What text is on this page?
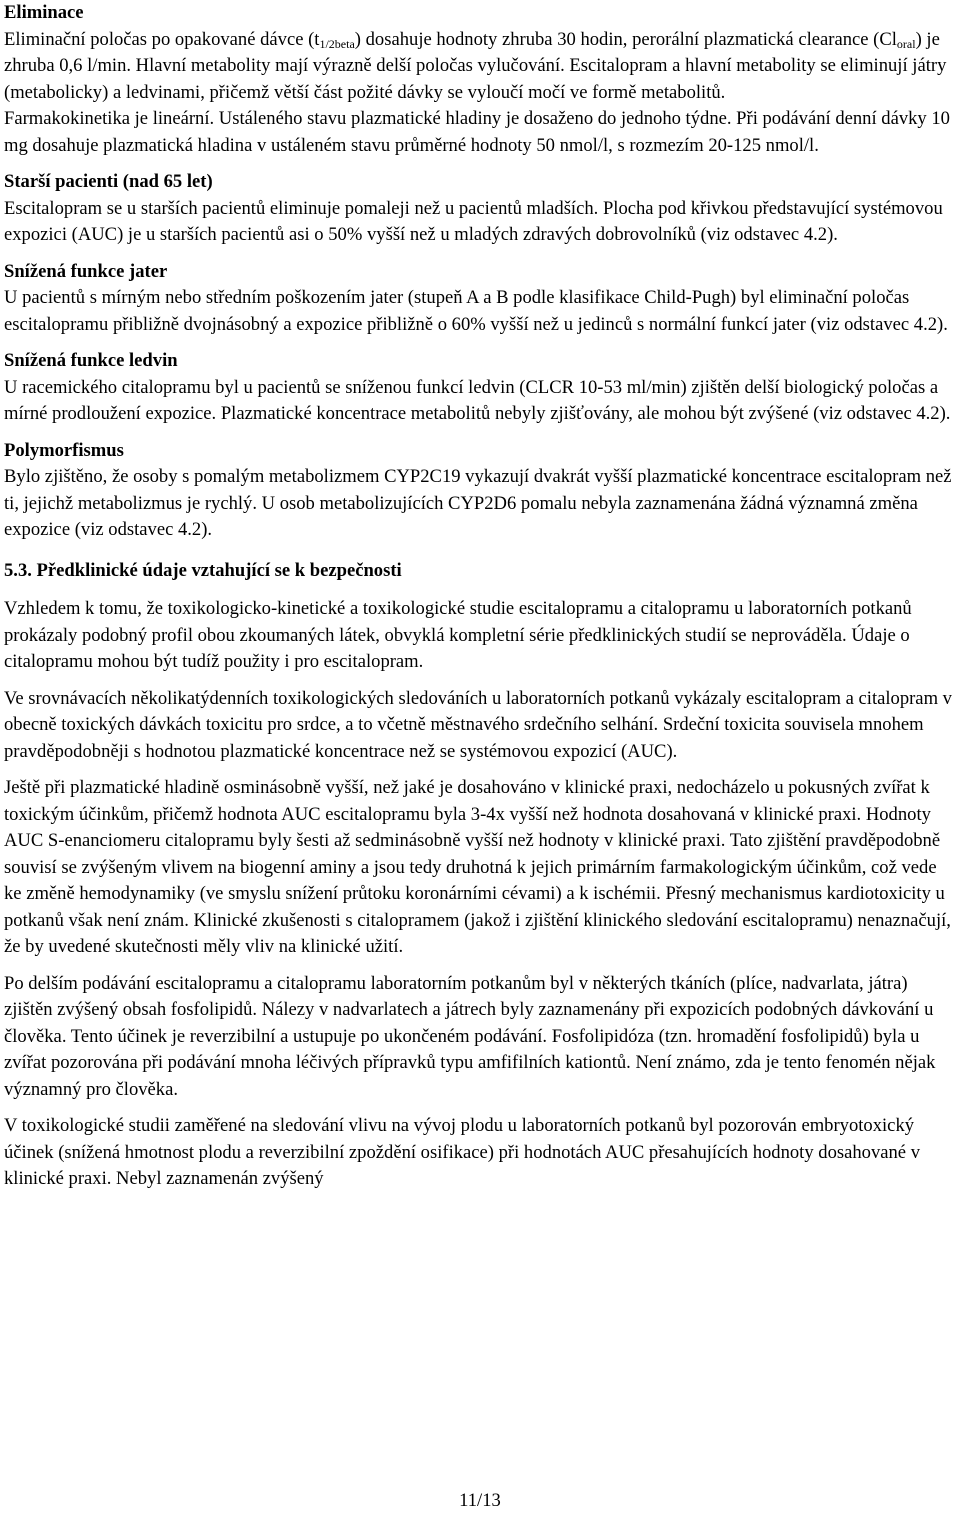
Eliminace
Eliminační poločas po opakované dávce $(t_{1/2beta})$ dosahuje hodnoty zhruba 30 hodin, perorální plazmatická clearance $(Cl_{oral})$ je zhruba 0,6 l/min. Hlavní metabolity mají výrazně delší poločas vylučování. Escitalopram a hlavní metabolity se eliminují játry (metabolicky) a ledvinami, přičemž větší část požité dávky se vyloučí močí ve formě metabolitů.

Farmakokinetika je lineární. Ustáleného stavu plazmatické hladiny je dosaženo do jednoho týdne. Při podávání denní dávky 10 mg dosahuje plazmatická hladina v ustáleném stavu průměrné hodnoty 50 nmol/l, s rozmezím 20-125 nmol/l.

Starší pacienti (nad 65 let)
Escitalopram se u starších pacientů eliminuje pomaleji než u pacientů mladších. Plocha pod křivkou představující systémovou expozici (AUC) je u starších pacientů asi o 50% vyšší než u mladých zdravých dobrovolníků (viz odstavec 4.2).
Snížená funkce jater
U pacientů s mírným nebo středním poškozením jater (stupeň A a B podle klasifikace Child-Pugh) byl eliminační poločas escitalopramu přibližně dvojnásobný a expozice přibližně o 60% vyšší než u jedinců s normální funkcí jater (viz odstavec 4.2).
Snížená funkce ledvin
U racemického citalopramu byl u pacientů se sníženou funkcí ledvin (CLCR 10-53 ml/min) zjištěn delší biologický poločas a mírné prodloužení expozice. Plazmatické koncentrace metabolitů nebyly zjišťovány, ale mohou být zvýšené (viz odstavec 4.2).
Polymorfismus
Bylo zjištěno, že osoby s pomalým metabolizmem CYP2C19 vykazují dvakrát vyšší plazmatické koncentrace escitalopram než ti, jejichž metabolizmus je rychlý. U osob metabolizujících CYP2D6 pomalu nebyla zaznamenána žádná významná změna expozice (viz odstavec 4.2).
5.3. Předklinické údaje vztahující se k bezpečnosti

Vzhledem k tomu, že toxikologicko-kinetické a toxikologické studie escitalopramu a citalopramu u laboratorních potkanů prokázaly podobný profil obou zkoumaných látek, obvyklá kompletní série předklinických studií se neprováděla. Údaje o citalopramu mohou být tudíž použity i pro escitalopram.

Ve srovnávacích několikatýdenních toxikologických sledováních u laboratorních potkanů vykázaly escitalopram a citalopram v obecně toxických dávkách toxicitu pro srdce, a to včetně městnavého srdečního selhání. Srdeční toxicita souvisela mnohem pravděpodobněji s hodnotou plazmatické koncentrace než se systémovou expozicí (AUC).

Ještě při plazmatické hladině osminásobně vyšší, než jaké je dosahováno v klinické praxi, nedocházelo u pokusných zvířat k toxickým účinkům, přičemž hodnota AUC escitalopramu byla 3-4x vyšší než hodnota dosahovaná v klinické praxi. Hodnoty AUC S-enanciomeru citalopramu byly šesti až sedminásobně vyšší než hodnoty v klinické praxi. Tato zjištění pravděpodobně souvisí se zvýšeným vlivem na biogenní aminy a jsou tedy druhotná k jejich primárním farmakologickým účinkům, což vede ke změně hemodynamiky (ve smyslu snížení průtoku koronárními cévami) a k ischémii. Přesný mechanismus kardiotoxicity u potkanů však není znám. Klinické zkušenosti s citalopramem (jakož i zjištění klinického sledování escitalopramu) nenaznačují, že by uvedené skutečnosti měly vliv na klinické užití.

Po delším podávání escitalopramu a citalopramu laboratorním potkanům byl v některých tkáních (plíce, nadvarlata, játra) zjištěn zvýšený obsah fosfolipidů. Nálezy v nadvarlatech a játrech byly zaznamenány při expozicích podobných dávkování u člověka. Tento účinek je reverzibilní a ustupuje po ukončeném podávání. Fosfolipidóza (tzn. hromadění fosfolipidů) byla u zvířat pozorována při podávání mnoha léčivých přípravků typu amfifilních kationtů. Není známo, zda je tento fenomén nějak významný pro člověka.

V toxikologické studii zaměřené na sledování vlivu na vývoj plodu u laboratorních potkanů byl pozorován embryotoxický účinek (snížená hmotnost plodu a reverzibilní zpoždění osifikace) při hodnotách AUC přesahujících hodnoty dosahované v klinické praxi. Nebyl zaznamenán zvýšený

11/13
